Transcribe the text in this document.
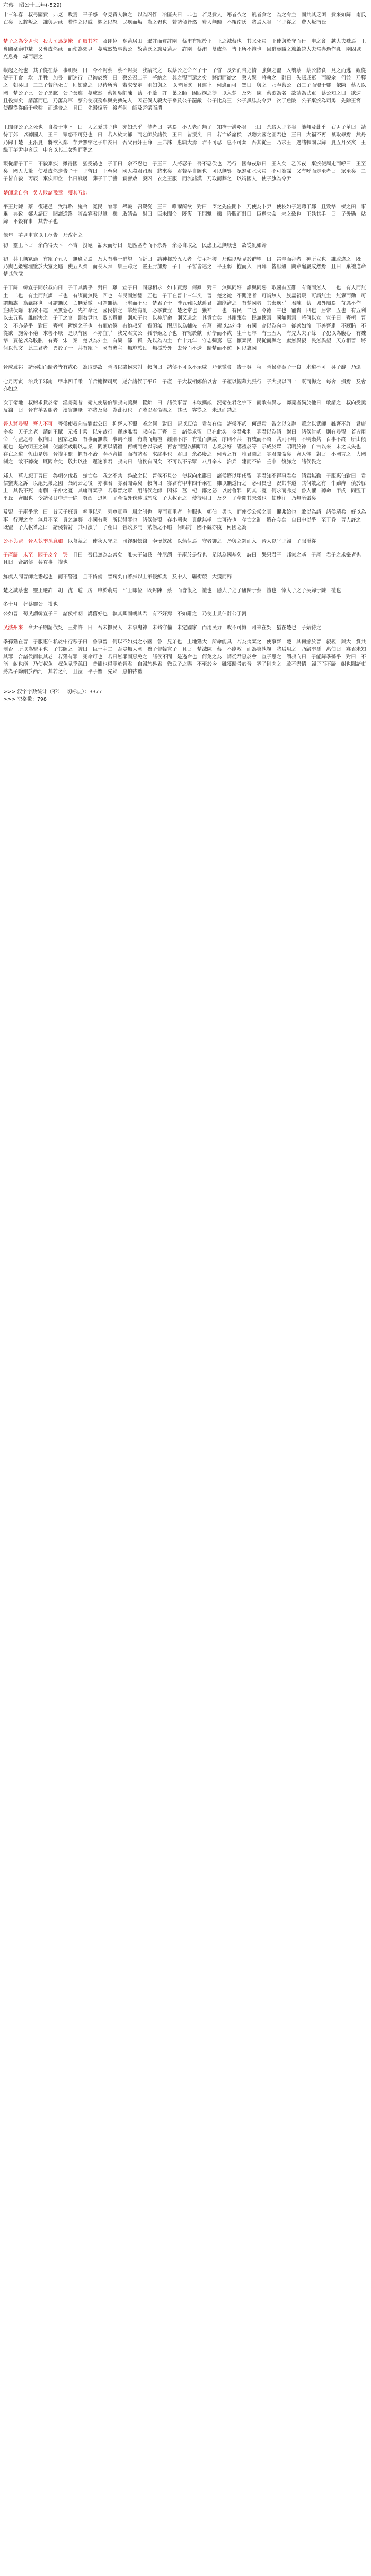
左傳　昭公十三年(-529)
十三年春　叔弓圍費　弗克　敗焉　平子怒　令見費人執之　以為囚俘　冶區夫曰　非也　若見費人　寒者衣之　飢者食之　為之令主　而共其乏困　費來如歸　南氏亡矣　民將叛之　誰與居邑　若憚之以威　懼之以怒　民疾而叛　為之聚也　若諸侯皆然　費人無歸　不親南氏　將焉入矣　平子從之　費人叛南氏
楚子之為令尹也　殺大司馬薳掩　而取其室　及即位　奪薳居田　遷許而質許圍　蔡洧有寵於王　王之滅蔡也　其父死焉　王使與於守而行　申之會　越大夫戮焉　王奪鬬韋龜中犨　又奪成然邑　而使為郊尹　蔓成然故事蔡公　故薳氏之族及薳居　許圍　蔡洧　蔓成然　皆王所不禮也　因群喪職之族啟越大夫常壽過作亂　圍固城　克息舟　城而居之
觀起之死也　其子從在蔡　事朝吳　曰　今不封蔡　蔡不封矣　我請試之　以蔡公之命召子干　子皙　及郊而告之情　強與之盟　入襲蔡　蔡公將食　見之而逃　觀從使子干食　坎　用牲　加書　而速行　己徇於蔡　曰　蔡公召二子　將納之　與之盟而遣之矣　將師而從之　蔡人聚　將執之　辭曰　失賊成軍　而殺余　何益　乃釋之　朝吳曰　二三子若能死亡　則如違之　以待所濟　若求安定　則如與之　以濟所欲　且違上　何適而可　眾曰　與之　乃奉蔡公　召二子而盟于鄧　依陳　蔡人以國　楚公子比　公子黑肱　公子棄疾　蔓成然　蔡朝吳帥陳　蔡　不羹　許　葉之師　因四族之徒　以入楚　及郊　陳　蔡欲為名　故請為武軍　蔡公知之曰　欲速　且役病矣　請藩而已　乃藩為軍　蔡公使須務牟與史猈先入　因正僕人殺大子祿及公子罷敵　公子比為王　公子黑肱為令尹　次于魚陂　公子棄疾為司馬　先除王宮　使觀從從師于乾谿　而遂告之　且曰　先歸復所　後者劓　師及訾梁而潰
王聞群公子之死也　自投于車下　曰　人之愛其子也　亦如余乎　侍者曰　甚焉　小人老而無子　知擠于溝壑矣　王曰　余殺人子多矣　能無及此乎　右尹子革曰　請待于郊　以聽國人　王曰　眾怒不可犯也　曰　若入於大都　而乞師於諸侯　王曰　皆叛矣　曰　若亡於諸侯　以聽大國之圖君也　王曰　大福不再　祇取辱焉　然丹乃歸于楚　王沿夏　將欲入鄢　芋尹無宇之子申亥曰　吾父再奸王命　王弗誅　惠孰大焉　君不可忍　惠不可棄　吾其從王　乃求王　遇諸棘闈以歸　夏五月癸亥　王縊于芋尹申亥氏　申亥以其二女殉而葬之
觀從謂子干曰　不殺棄疾　雖得國　猶受禍也　子干曰　余不忍也　子玉曰　人將忍子　吾不忍俟也　乃行　國每夜駭曰　王入矣　乙卯夜　棄疾使周走而呼曰　王至矣　國人大驚　使蔓成然走告子干　子皙曰　王至矣　國人殺君司馬　將來矣　君若早自圖也　可以無辱　眾怒如水火焉　不可為謀　又有呼而走至者曰　眾至矣　二子皆自殺　丙辰　棄疾即位　名曰熊居　葬子干于訾　實訾敖　殺囚　衣之王服　而流諸漢　乃取而葬之　以靖國人　使子旗為令尹
楚師還自徐　吳人敗諸豫章　獲其五帥
平王封陳　蔡　復遷邑　致群賂　施舍　寬民　宥罪　舉職　召觀從　王曰　唯爾所欲　對曰　臣之先佐開卜　乃使為卜尹　使枝如子躬聘于鄭　且致犨　櫟之田　事畢　弗致　鄭人請曰　聞諸道路　將命寡君以犨　櫟　敢請命　對曰　臣未聞命　既復　王問犨　櫟　降服而對曰　臣過失命　未之致也　王執其手　曰　子毋勤　姑歸　不穀有事　其告子也
他年　芋尹申亥以王柩告　乃改葬之
初　靈王卜曰　余尚得天下　不吉　投龜　詬天而呼曰　是區區者而不余畀　余必自取之　民患王之無厭也　故從亂如歸
初　共王無冢適　有寵子五人　無適立焉　乃大有事于群望　而祈曰　請神擇於五人者　使主社稷　乃偏以璧見於群望　曰　當璧而拜者　神所立也　誰敢違之　既　乃與巴姬密埋璧於大室之庭　使五人齊　而長入拜　康王跨之　靈王肘加焉　子干　子皙皆遠之　平王弱　抱而入　再拜　皆厭紐　鬬韋龜屬成然焉　且曰　棄禮違命　楚其危哉
子干歸　韓宣子問於叔向曰　子干其濟乎　對曰　難　宣子曰　同惡相求　如市賈焉　何難　對曰　無與同好　誰與同惡　取國有五難　有寵而無人　一也　有人而無主　二也　有主而無謀　三也　有謀而無民　四也　有民而無德　五也　子干在晉十三年矣　晉　楚之從　不聞達者　可謂無人　族盡親叛　可謂無主　無釁而動　可謂無謀　為羈終世　可謂無民　亡無愛徵　可謂無德　王虐而不忌　楚君子干　涉五難以弒舊君　誰能濟之　有楚國者　其棄疾乎　君陳　蔡　城外屬焉　苛慝不作　盜賊伏隱　私欲不違　民無怨心　先神命之　國民信之　羋姓有亂　必季實立　楚之常也　獲神　一也　有民　二也　令德　三也　寵貴　四也　居常　五也　有五利以去五難　誰能害之　子干之官　則右尹也　數其貴寵　則庶子也　以神所命　則又遠之　其貴亡矣　其寵棄矣　民無懷焉　國無與焉　將何以立　宣子曰　齊桓　晉文　不亦是乎　對曰　齊桓　衛姬之子也　有寵於僖　有鮑叔牙　賓須無　隰朋以為輔佐　有莒　衛以為外主　有國　高以為內主　從善如流　下善齊肅　不藏賄　不從欲　施舍不倦　求善不厭　是以有國　不亦宜乎　我先君文公　狐季姬之子也　有寵於獻　好學而不貳　生十七年　有士五人　有先大夫子餘　子犯以為腹心　有魏犨　賈佗以為股肱　有齊　宋　秦　楚以為外主　有欒　郤　狐　先以為內主　亡十九年　守志彌篤　惠　懷棄民　民從而與之　獻無異親　民無異望　天方相晉　將何以代文　此二君者　異於子干　共有寵子　國有奧主　無施於民　無援於外　去晉而不送　歸楚而不逆　何以冀國
晉成虒祁　諸侯朝而歸者皆有貳心　為取郠故　晉將以諸侯來討　叔向曰　諸侯不可以不示威　乃並徵會　告于吳　秋　晉侯會吳子于良　水道不可　吳子辭　乃還
七月丙寅　治兵于邾南　甲車四千乘　羊舌鮒攝司馬　遂合諸侯于平丘　子產　子大叔相鄭伯以會　子產以幄幕九張行　子大叔以四十　既而悔之　每舍　損焉　及會　亦如之
次于衛地　叔鮒求貨於衛　淫芻蕘者　衛人使屠伯饋叔向羹與一篋錦　曰　諸侯事晉　未敢攜貳　況衛在君之宇下　而敢有異志　芻蕘者異於他日　敢請之　叔向受羹反錦　曰　晉有羊舌鮒者　瀆貨無厭　亦將及矣　為此役也　子若以君命賜之　其已　客從之　未退而禁之
晉人將尋盟　齊人不可　晉侯使叔向告劉獻公曰　抑齊人不盟　若之何　對曰　盟以厎信　君苟有信　諸侯不貳　何患焉　告之以文辭　董之以武師　雖齊不許　君庸多矣　天子之老　請帥王賦　元戎十乘　以先啟行　遲速唯君　叔向告于齊　曰　諸侯求盟　已在此矣　今君弗利　寡君以為請　對曰　諸侯討貳　則有尋盟　若皆用命　何盟之尋　叔向曰　國家之敗　有事而無業　事則不經　有業而無禮　經則不序　有禮而無威　序則不共　有威而不昭　共則不明　不明棄共　百事不終　所由傾覆也　是故明王之制　使諸侯歲聘以志業　間朝以講禮　再朝而會以示威　再會而盟以顯昭明　志業於好　講禮於等　示威於眾　昭明於神　自古以來　未之或失也　存亡之道　恆由是興　晉禮主盟　懼有不治　奉承齊犧　而布諸君　求終事也　君曰　余必廢之　何齊之有　唯君圖之　寡君聞命矣　齊人懼　對曰　小國言之　大國制之　敢不聽從　既聞命矣　敬共以往　遲速唯君　叔向曰　諸侯有間矣　不可以不示眾　八月辛未　治兵　建而不旆　壬申　復旆之　諸侯畏之
邾人　莒人愬于晉曰　魯朝夕伐我　幾亡矣　我之不共　魯故之以　晉侯不見公　使叔向來辭曰　諸侯將以甲戌盟　寡君知不得事君矣　請君無勤　子服惠伯對曰　君信蠻夷之訴　以絕兄弟之國　棄周公之後　亦唯君　寡君聞命矣　叔向曰　寡君有甲車四千乘在　雖以無道行之　必可畏也　況其率道　其何敵之有　牛雖瘠　僨於豚上　其畏不死　南蒯　子仲之憂　其庸可棄乎　若奉晉之眾　用諸侯之師　因邾　莒　杞　鄫之怒　以討魯罪　間其二憂　何求而弗克　魯人懼　聽命　甲戌　同盟于平丘　齊服也　令諸侯日中造于除　癸酉　退朝　子產命外僕速張於除　子大叔止之　使待明日　及夕　子產聞其未張也　使速往　乃無所張矣
及盟　子產爭承　曰　昔天子班貢　輕重以列　列尊貢重　周之制也　卑而貢重者　甸服也　鄭伯　男也　而使從公侯之貢　懼弗給也　敢以為請　諸侯靖兵　好以為事　行理之命　無月不至　貢之無藝　小國有闕　所以得罪也　諸侯修盟　存小國也　貢獻無極　亡可待也　存亡之制　將在今矣　自日中以爭　至于昏　晉人許之　既盟　子大叔咎之曰　諸侯若討　其可瀆乎　子產曰　晉政多門　貳偷之不暇　何暇討　國不競亦陵　何國之為
公不與盟　晉人執季孫意如　以幕蒙之　使狄人守之　司鐸射懷錦　奉壺飲冰　以蒲伏焉　守者御之　乃與之錦而入　晉人以平子歸　子服湫從
子產歸　未至　聞子皮卒　哭　且曰　吾已無為為善矣　唯夫子知我　仲尼謂　子產於是行也　足以為國基矣　詩曰　樂只君子　邦家之基　子產　君子之求樂者也　且曰　合諸侯　藝貢事　禮也
鮮虞人聞晉師之悉起也　而不警邊　且不脩備　晉荀吳自著雍以上軍侵鮮虞　及中人　驅衝競　大獲而歸
楚之滅蔡也　靈王遷許　胡　沈　道　房　申於荊焉　平王即位　既封陳　蔡　而皆復之　禮也　隱大子之子廬歸于蔡　禮也　悼大子之子吳歸于陳　禮也
冬十月　葬蔡靈公　禮也
公如晉　荀吳謂韓宣子曰　諸侯相朝　講舊好也　執其卿而朝其君　有不好焉　不如辭之　乃使士景伯辭公于河
吳滅州來　令尹子期請伐吳　王弗許　曰　吾未撫民人　未事鬼神　未脩守備　未定國家　而用民力　敗不可悔　州來在吳　猶在楚也　子姑待之
季孫猶在晉　子服惠伯私於中行穆子曰　魯事晉　何以不如夷之小國　魯　兄弟也　土地猶大　所命能具　若為夷棄之　使事齊　楚　其何瘳於晉　親親　與大　賞共　罰否　所以為盟主也　子其圖之　諺曰　臣一主二　吾豈無大國　穆子告韓宣子　且曰　楚滅陳　蔡　不能救　而為夷執親　將焉用之　乃歸季孫　惠伯曰　寡君未知其罪　合諸侯而執其老　若猶有罪　死命可也　若曰無罪而惠免之　諸侯不聞　是逃命也　何免之為　請從君惠於會　宣子患之　謂叔向曰　子能歸季孫乎　對曰　不能　鮒也能　乃使叔魚　叔魚見季孫曰　昔鮒也得罪於晉君　自歸於魯君　微武子之賜　不至於今　雖獲歸骨於晉　猶子則肉之　敢不盡情　歸子而不歸　鮒也聞諸吏　將為子除館於西河　其若之何　且泣　平子懼　先歸　惠伯待禮
>>> 汉字字数统计（不计一切标点）：3377
>>> 空格数：798
